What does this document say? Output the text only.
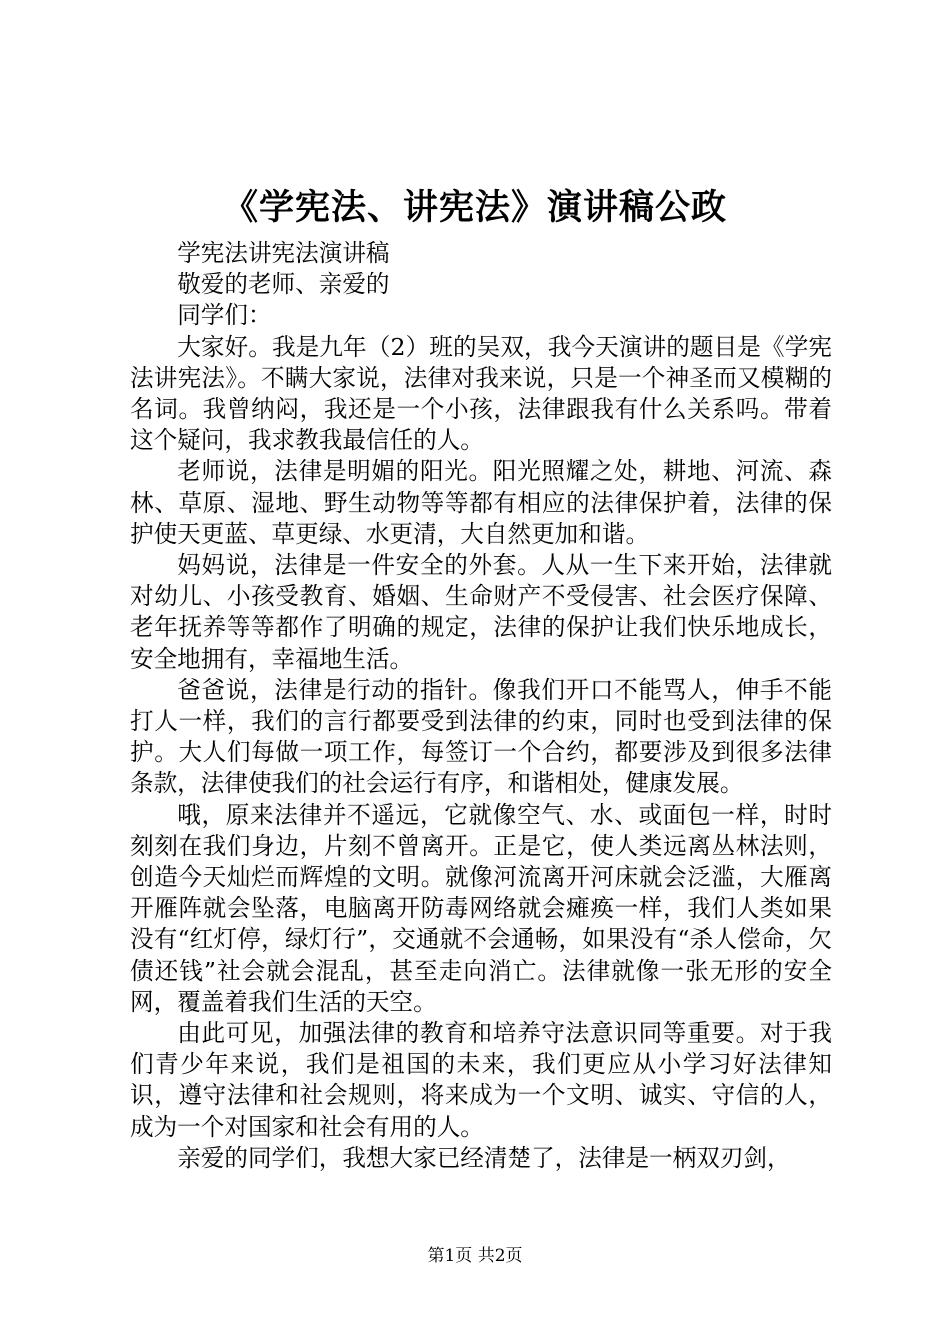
《学宪法、讲宪法》演讲稿公政

学宪法讲宪法演讲稿

敬爱的老师、亲爱的

同学们：

大家好。我是九年（2）班的吴双，我今天演讲的题目是《学宪法讲宪法》。不瞒大家说，法律对我来说，只是一个神圣而又模糊的名词。我曾纳闷，我还是一个小孩，法律跟我有什么关系吗。带着这个疑问，我求教我最信任的人。

老师说，法律是明媚的阳光。阳光照耀之处，耕地、河流、森林、草原、湿地、野生动物等等都有相应的法律保护着，法律的保护使天更蓝、草更绿、水更清，大自然更加和谐。

妈妈说，法律是一件安全的外套。人从一生下来开始，法律就对幼儿、小孩受教育、婚姻、生命财产不受侵害、社会医疗保障、老年抚养等等都作了明确的规定，法律的保护让我们快乐地成长，安全地拥有，幸福地生活。

爸爸说，法律是行动的指针。像我们开口不能骂人，伸手不能打人一样，我们的言行都要受到法律的约束，同时也受到法律的保护。大人们每做一项工作，每签订一个合约，都要涉及到很多法律条款，法律使我们的社会运行有序，和谐相处，健康发展。

哦，原来法律并不遥远，它就像空气、水、或面包一样，时时刻刻在我们身边，片刻不曾离开。正是它，使人类远离丛林法则，创造今天灿烂而辉煌的文明。就像河流离开河床就会泛滥，大雁离开雁阵就会坠落，电脑离开防毒网络就会瘫痪一样，我们人类如果没有“红灯停，绿灯行”，交通就不会通畅，如果没有“杀人偿命，欠债还钱”社会就会混乱，甚至走向消亡。法律就像一张无形的安全网，覆盖着我们生活的天空。

由此可见，加强法律的教育和培养守法意识同等重要。对于我们青少年来说，我们是祖国的未来，我们更应从小学习好法律知识，遵守法律和社会规则，将来成为一个文明、诚实、守信的人，成为一个对国家和社会有用的人。

亲爱的同学们，我想大家已经清楚了，法律是一柄双刃剑，

第1页 共2页
